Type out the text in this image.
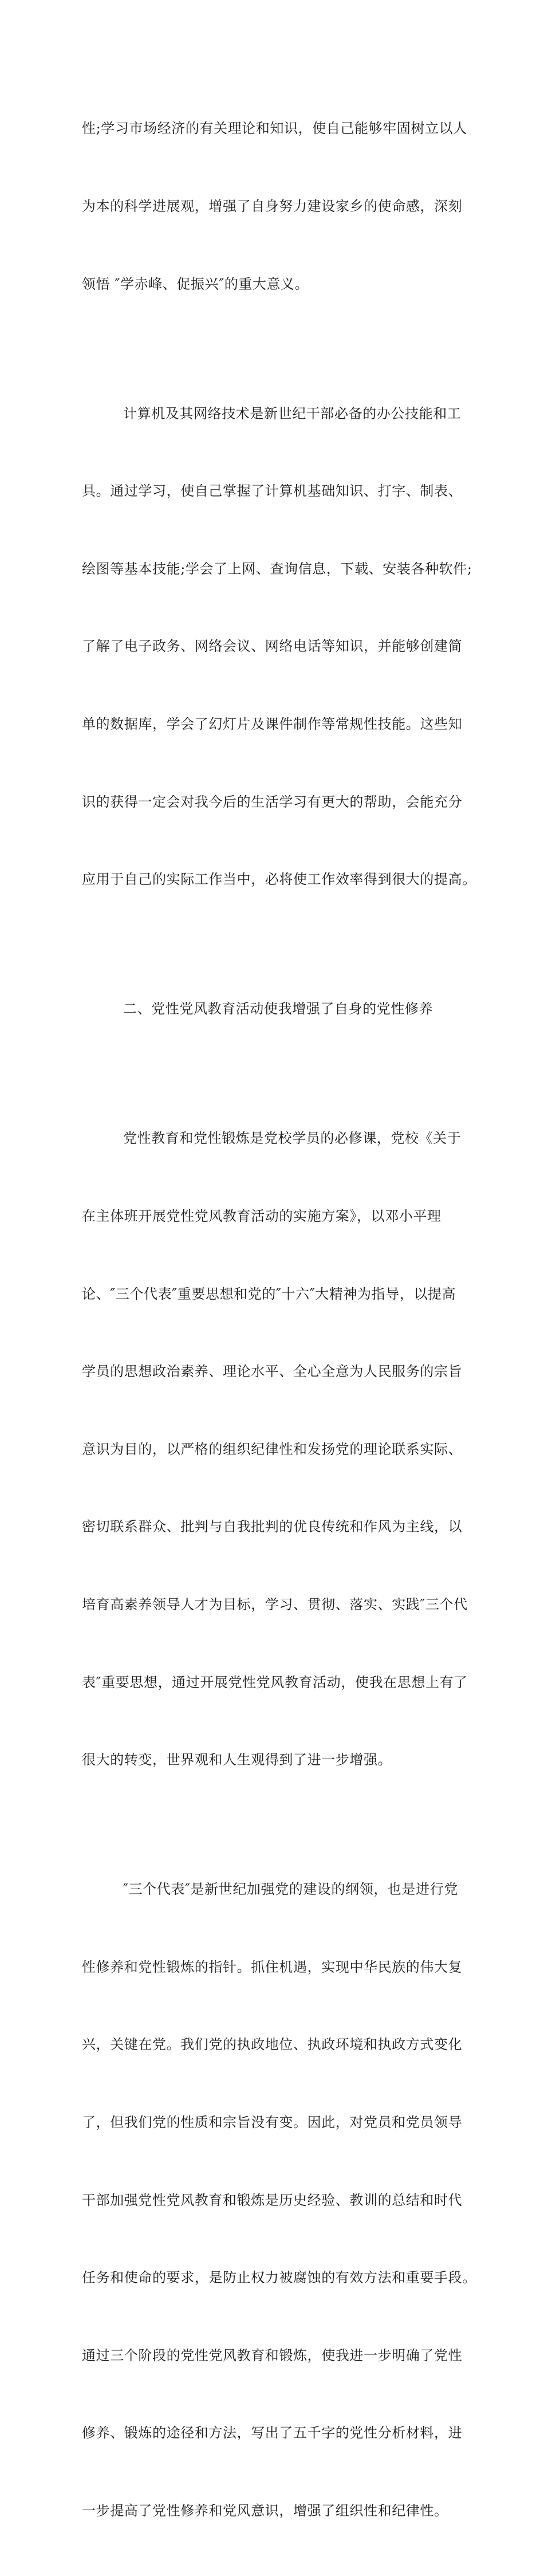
性;学习市场经济的有关理论和知识，使自己能够牢固树立以人

为本的科学进展观，增强了自身努力建设家乡的使命感，深刻

领悟 ″学赤峰、促振兴″的重大意义。

计算机及其网络技术是新世纪干部必备的办公技能和工

具。通过学习，使自己掌握了计算机基础知识、打字、制表、

绘图等基本技能;学会了上网、查询信息，下载、安装各种软件;

了解了电子政务、网络会议、网络电话等知识，并能够创建简

单的数据库，学会了幻灯片及课件制作等常规性技能。这些知

识的获得一定会对我今后的生活学习有更大的帮助，会能充分

应用于自己的实际工作当中，必将使工作效率得到很大的提高。

二、党性党风教育活动使我增强了自身的党性修养

党性教育和党性锻炼是党校学员的必修课，党校《关于

在主体班开展党性党风教育活动的实施方案》，以邓小平理

论、″三个代表″重要思想和党的″十六″大精神为指导，以提高

学员的思想政治素养、理论水平、全心全意为人民服务的宗旨

意识为目的，以严格的组织纪律性和发扬党的理论联系实际、

密切联系群众、批判与自我批判的优良传统和作风为主线，以

培育高素养领导人才为目标，学习、贯彻、落实、实践″三个代

表″重要思想，通过开展党性党风教育活动，使我在思想上有了

很大的转变，世界观和人生观得到了进一步增强。

″三个代表″是新世纪加强党的建设的纲领，也是进行党

性修养和党性锻炼的指针。抓住机遇，实现中华民族的伟大复

兴，关键在党。我们党的执政地位、执政环境和执政方式变化

了，但我们党的性质和宗旨没有变。因此，对党员和党员领导

干部加强党性党风教育和锻炼是历史经验、教训的总结和时代

任务和使命的要求，是防止权力被腐蚀的有效方法和重要手段。

通过三个阶段的党性党风教育和锻炼，使我进一步明确了党性

修养、锻炼的途径和方法，写出了五千字的党性分析材料，进

一步提高了党性修养和党风意识，增强了组织性和纪律性。
